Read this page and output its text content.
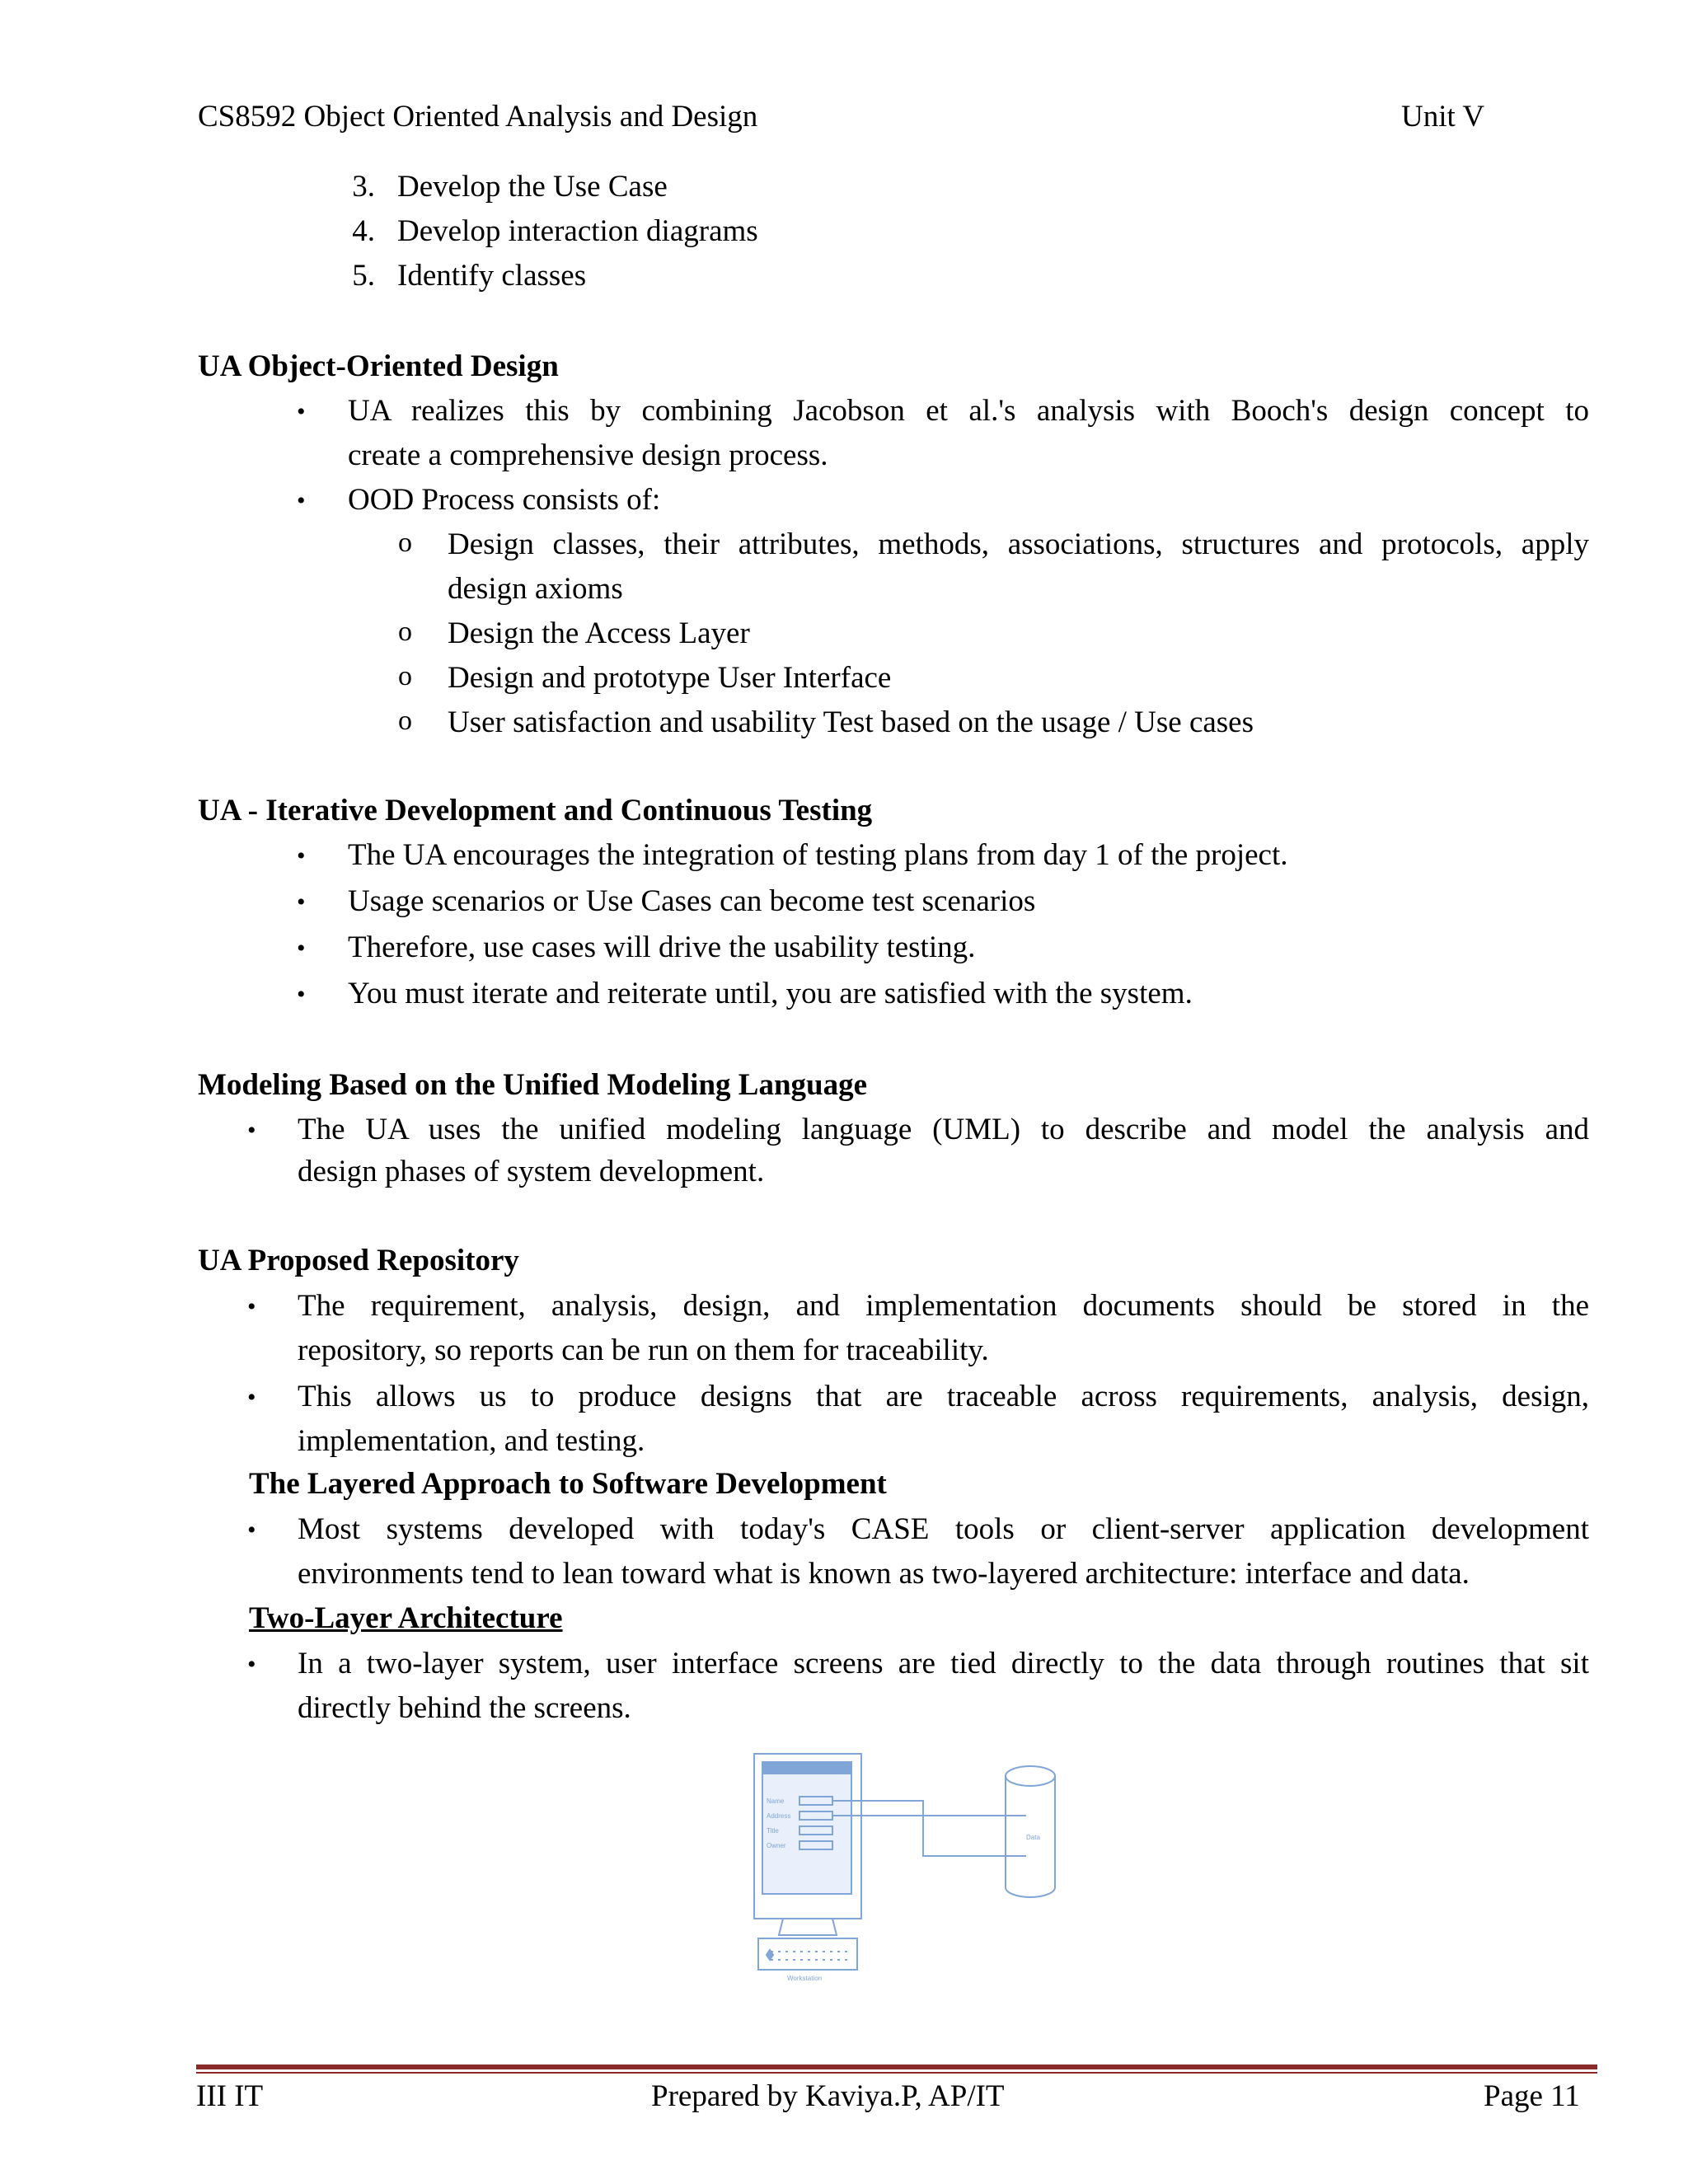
CS8592 Object Oriented Analysis and Design	Unit V
3. Develop the Use Case
4. Develop interaction diagrams
5. Identify classes
UA Object-Oriented Design
• UA realizes this by combining Jacobson et al.'s analysis with Booch's design concept to
create a comprehensive design process.
• OOD Process consists of:
o Design classes, their attributes, methods, associations, structures and protocols, apply
design axioms
o Design the Access Layer
o Design and prototype User Interface
o User satisfaction and usability Test based on the usage / Use cases
UA - Iterative Development and Continuous Testing
• The UA encourages the integration of testing plans from day 1 of the project.
• Usage scenarios or Use Cases can become test scenarios
• Therefore, use cases will drive the usability testing.
• You must iterate and reiterate until, you are satisfied with the system.
Modeling Based on the Unified Modeling Language
• The UA uses the unified modeling language (UML) to describe and model the analysis and
design phases of system development.
UA Proposed Repository
• The requirement, analysis, design, and implementation documents should be stored in the
repository, so reports can be run on them for traceability.
• This allows us to produce designs that are traceable across requirements, analysis, design,
implementation, and testing.
The Layered Approach to Software Development
• Most systems developed with today's CASE tools or client-server application development
environments tend to lean toward what is known as two-layered architecture: interface and data.
Two-Layer Architecture
• In a two-layer system, user interface screens are tied directly to the data through routines that sit
directly behind the screens.
Name
Address
Title
Owner
Data
Workstation
III IT	Prepared by Kaviya.P, AP/IT	Page 11
